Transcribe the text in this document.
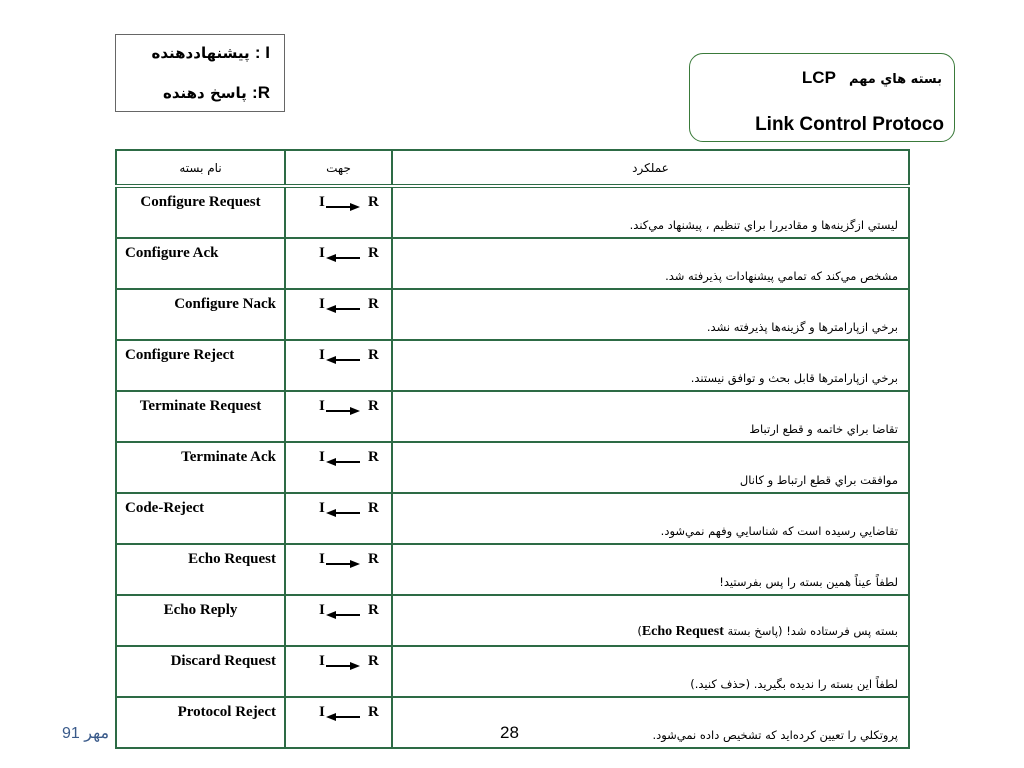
I : پیشنهاددهنده
R: پاسخ دهنده
بسته هاي مهم LCP
Link Control Protoco
نام بسته	جهت	عملکرد

Configure Request	I R	ليستي ازگزينه‌ها و مقاديررا براي تنظيم ، پيشنهاد مي‌كند.

Configure Ack	I R	مشخص مي‌كند كه تمامي پيشنهادات پذيرفته شد.

Configure Nack	I R	برخي ازپارامترها و گزينه‌ها پذيرفته نشد.

Configure Reject	I R	برخي ازپارامترها قابل بحث و توافق نيستند.

Terminate Request	I R	تقاضا براي خاتمه و قطع ارتباط

Terminate Ack	I R	موافقت براي قطع ارتباط و كانال

Code-Reject	I R	تقاضايي رسيده است كه شناسايي وفهم نمي‌شود.

Echo Request	I R	لطفاً عيناً همين بسته را پس بفرستيد!

Echo Reply	I R	بسته پس فرستاده شد! (پاسخ بستة Echo Request)

Discard Request	I R	لطفاً اين بسته را نديده بگيريد. (حذف كنيد.)

Protocol Reject	I R	پروتكلي را تعيين كرده‌ايد كه تشخيص داده نمي‌شود.
مهر 91	28
